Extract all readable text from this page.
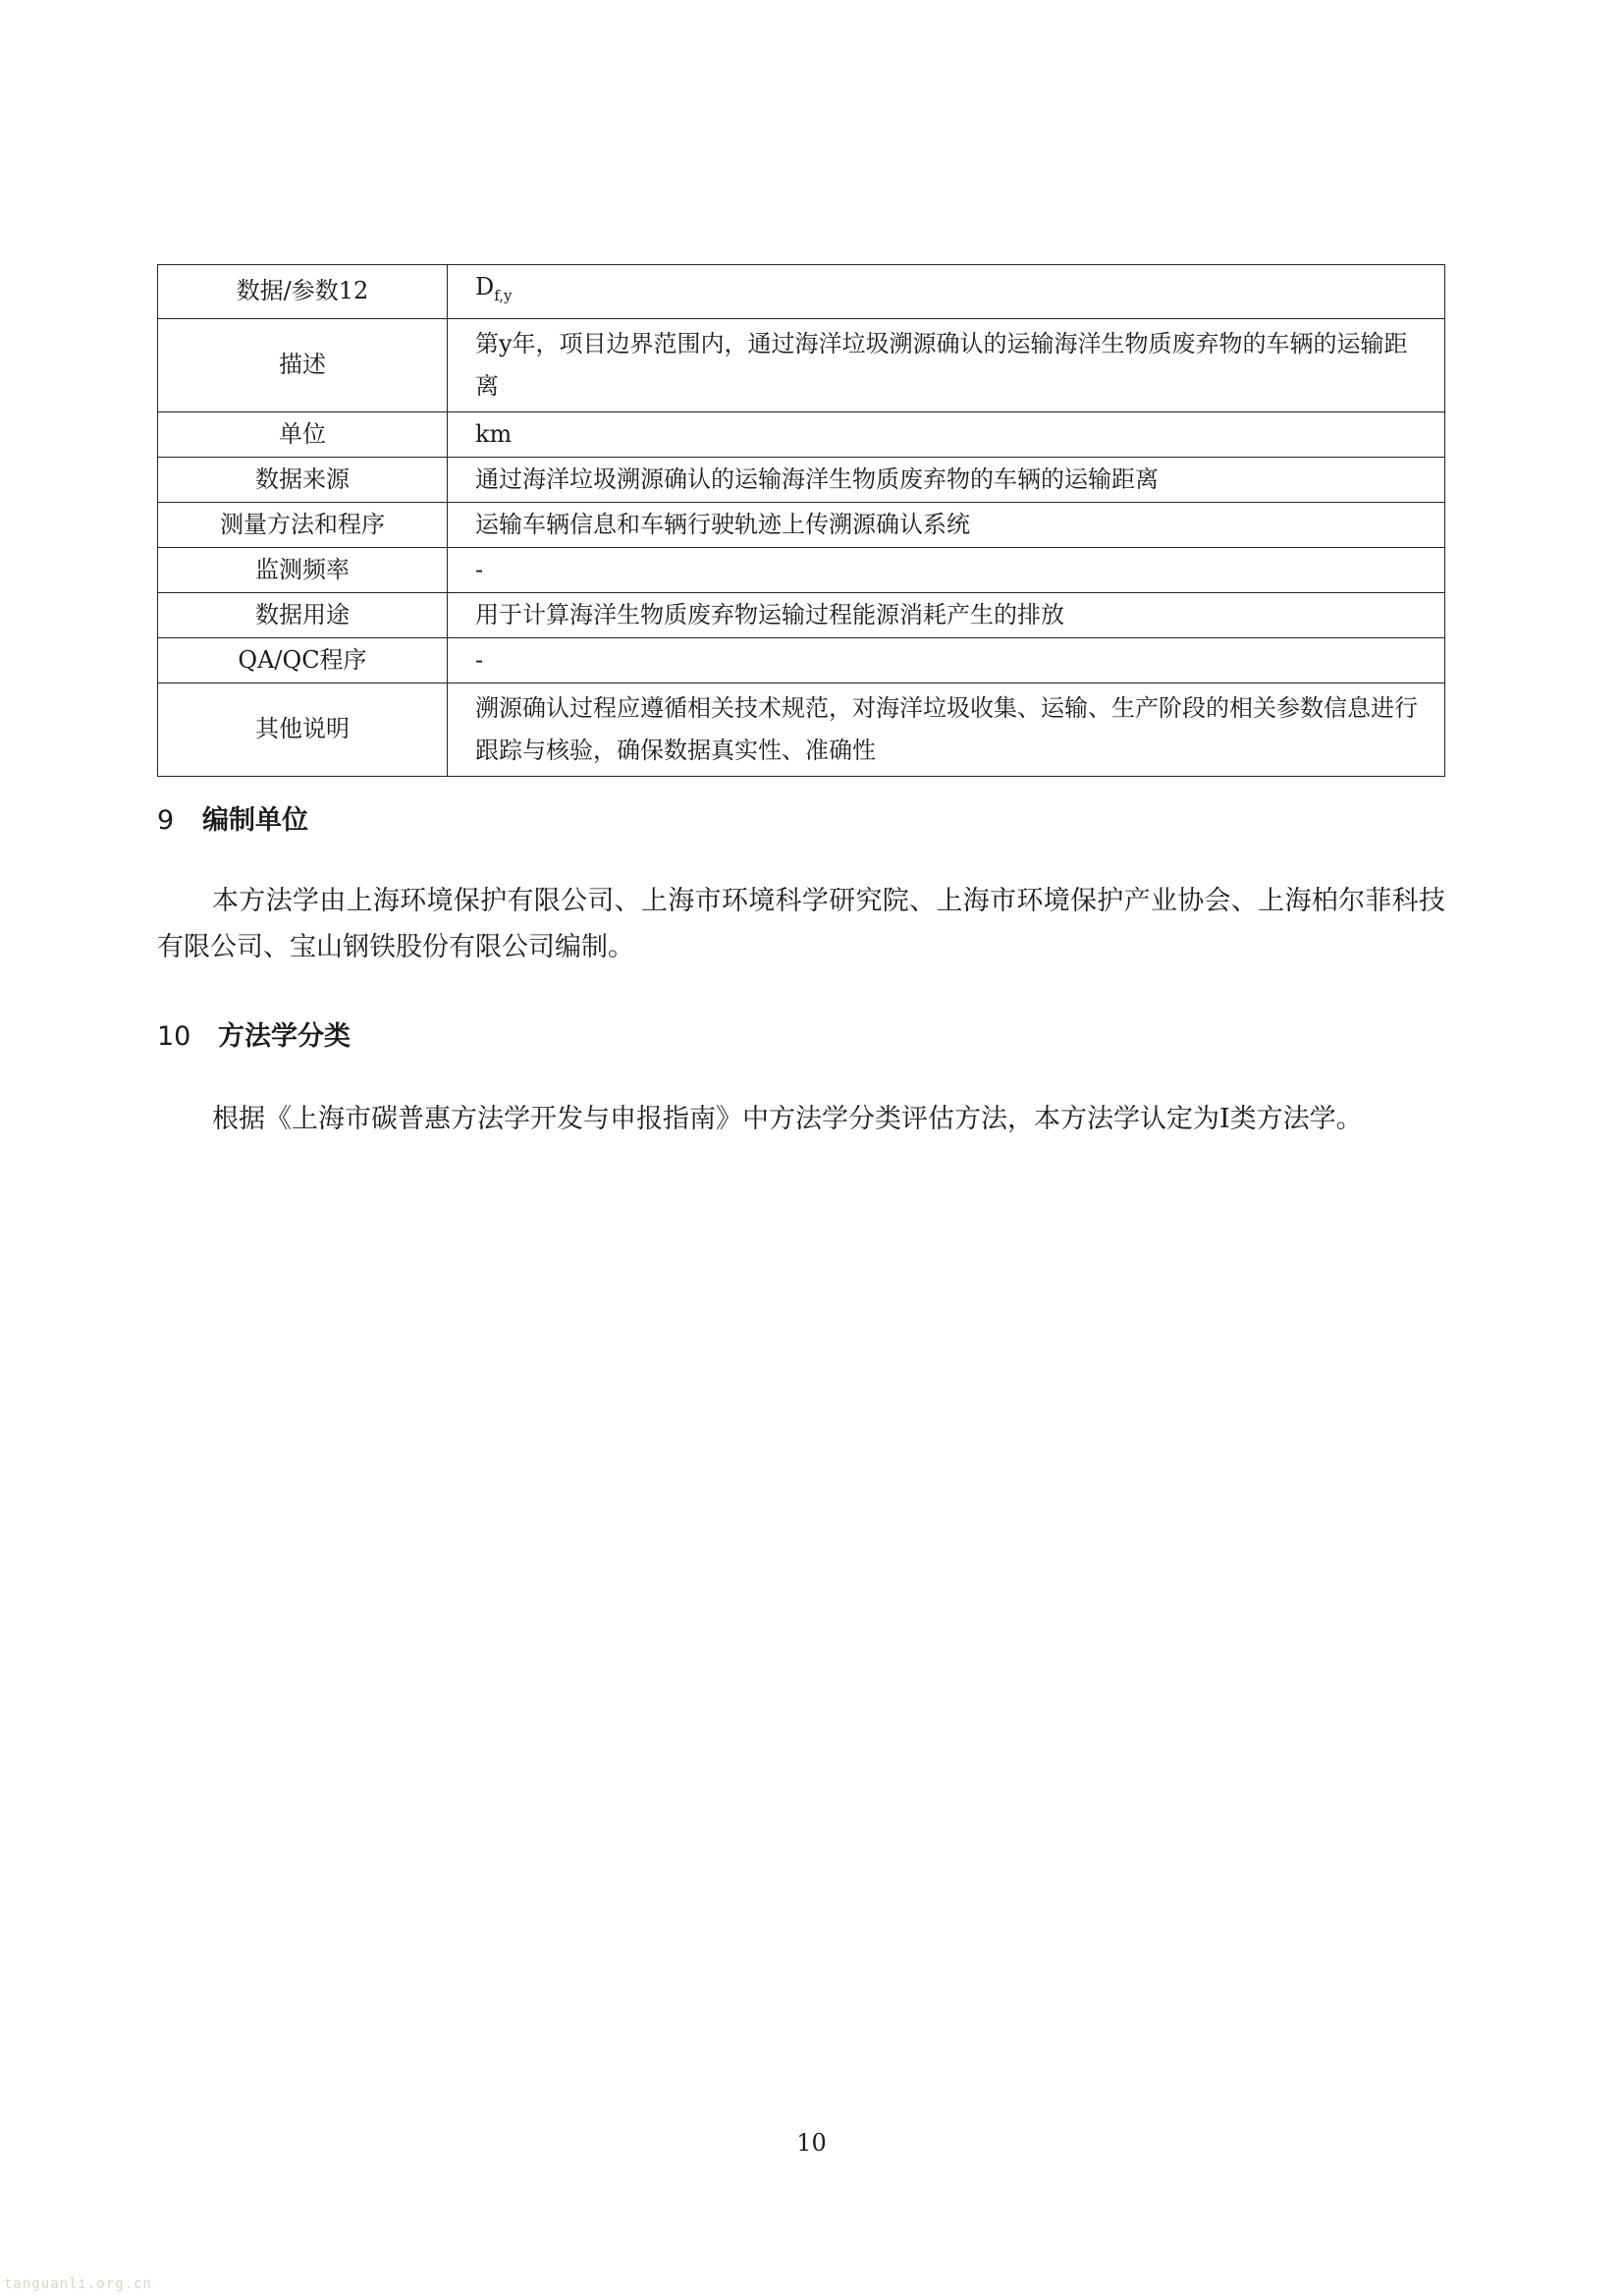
数据/参数12	$D_{f,y}$
描述	第y年，项目边界范围内，通过海洋垃圾溯源确认的运输海洋生物质废弃物的车辆的运输距离
单位	km
数据来源	通过海洋垃圾溯源确认的运输海洋生物质废弃物的车辆的运输距离
测量方法和程序	运输车辆信息和车辆行驶轨迹上传溯源确认系统
监测频率	-
数据用途	用于计算海洋生物质废弃物运输过程能源消耗产生的排放
QA/QC程序	-
其他说明	溯源确认过程应遵循相关技术规范，对海洋垃圾收集、运输、生产阶段的相关参数信息进行跟踪与核验，确保数据真实性、准确性
9 编制单位

本方法学由上海环境保护有限公司、上海市环境科学研究院、上海市环境保护产业协会、上海柏尔菲科技有限公司、宝山钢铁股份有限公司编制。

10 方法学分类

根据《上海市碳普惠方法学开发与申报指南》中方法学分类评估方法，本方法学认定为I类方法学。

10
tanguanli.org.cn
